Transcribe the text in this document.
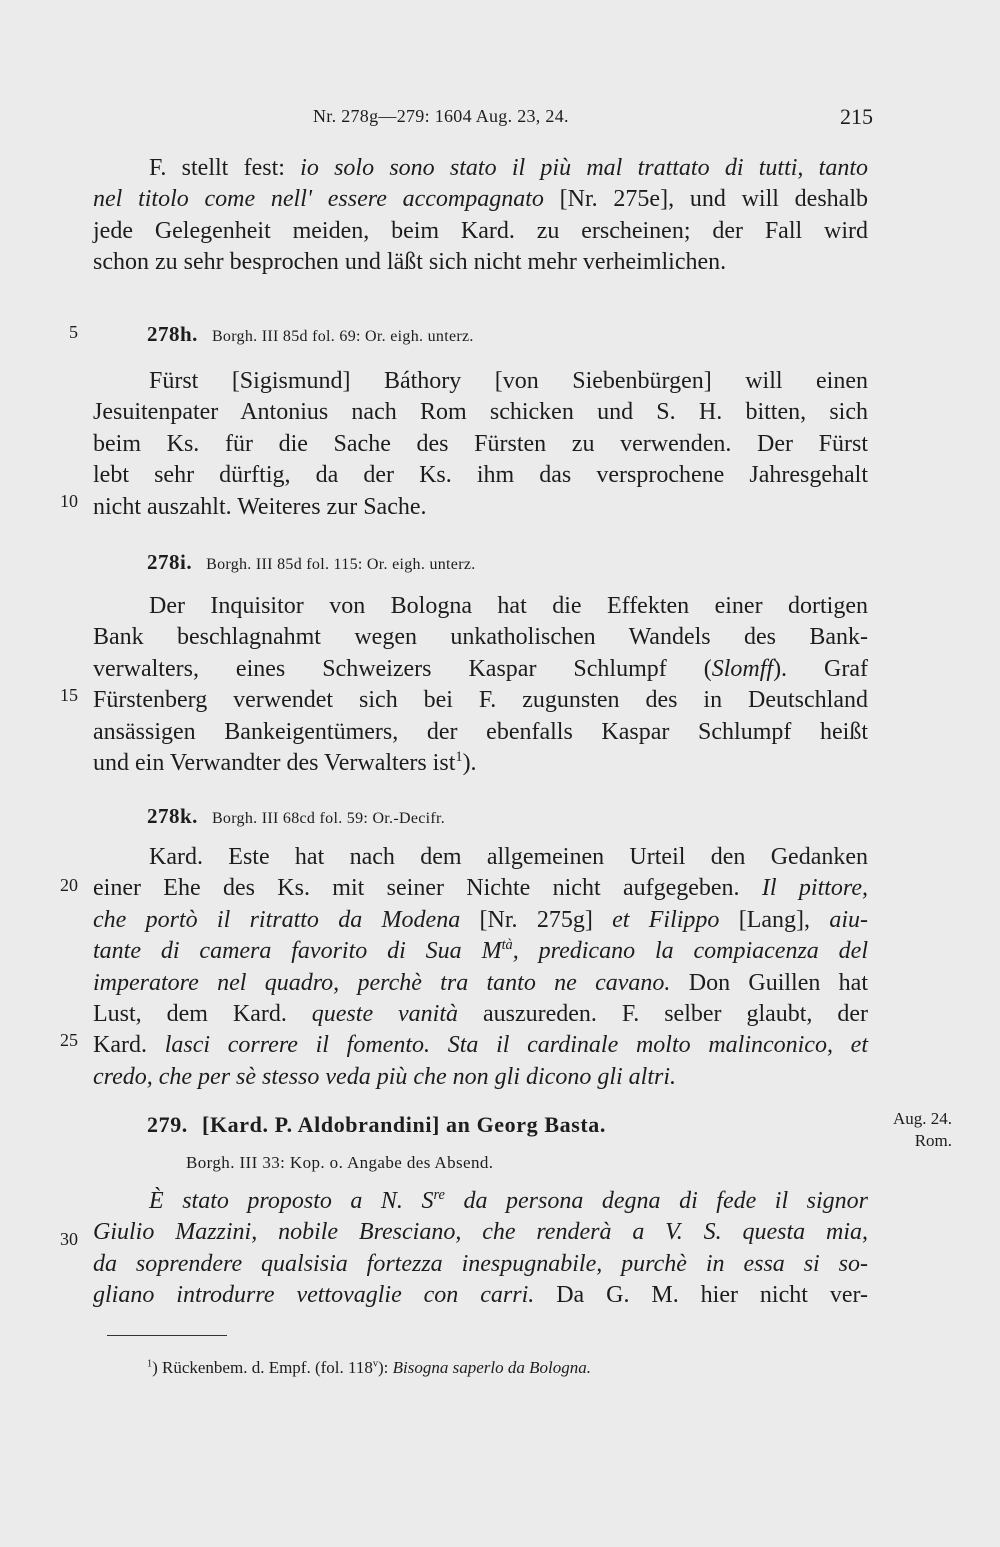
Nr. 278g—279: 1604 Aug. 23, 24.	215

F. stellt fest: io solo sono stato il più mal trattato di tutti, tanto
nel titolo come nell' essere accompagnato [Nr. 275e], und will deshalb
jede Gelegenheit meiden, beim Kard. zu erscheinen; der Fall wird
schon zu sehr besprochen und läßt sich nicht mehr verheimlichen.

278h. Borgh. III 85d fol. 69: Or. eigh. unterz.

Fürst [Sigismund] Báthory [von Siebenbürgen] will einen
Jesuitenpater Antonius nach Rom schicken und S. H. bitten, sich
beim Ks. für die Sache des Fürsten zu verwenden. Der Fürst
lebt sehr dürftig, da der Ks. ihm das versprochene Jahresgehalt
nicht auszahlt. Weiteres zur Sache.

278i. Borgh. III 85d fol. 115: Or. eigh. unterz.

Der Inquisitor von Bologna hat die Effekten einer dortigen
Bank beschlagnahmt wegen unkatholischen Wandels des Bank-
verwalters, eines Schweizers Kaspar Schlumpf (Slomff). Graf
Fürstenberg verwendet sich bei F. zugunsten des in Deutschland
ansässigen Bankeigentümers, der ebenfalls Kaspar Schlumpf heißt
und ein Verwandter des Verwalters ist$^1$).

278k. Borgh. III 68cd fol. 59: Or.-Decifr.

Kard. Este hat nach dem allgemeinen Urteil den Gedanken
einer Ehe des Ks. mit seiner Nichte nicht aufgegeben. Il pittore,
che portò il ritratto da Modena [Nr. 275g] et Filippo [Lang], aiu-
tante di camera favorito di Sua $M^{tà}$, predicano la compiacenza del
imperatore nel quadro, perchè tra tanto ne cavano. Don Guillen hat
Lust, dem Kard. queste vanità auszureden. F. selber glaubt, der
Kard. lasci correre il fomento. Sta il cardinale molto malinconico, et
credo, che per sè stesso veda più che non gli dicono gli altri.

279. [Kard. P. Aldobrandini] an Georg Basta.	Aug. 24.
Rom.
Borgh. III 33: Kop. o. Angabe des Absend.

È stato proposto a N. $S^{re}$ da persona degna di fede il signor
Giulio Mazzini, nobile Bresciano, che renderà a V. S. questa mia,
da soprendere qualsisia fortezza inespugnabile, purchè in essa si so-
gliano introdurre vettovaglie con carri. Da G. M. hier nicht ver-

5
10
15
20
25
30
$^1$) Rückenbem. d. Empf. (fol. 118$^v$): Bisogna saperlo da Bologna.
